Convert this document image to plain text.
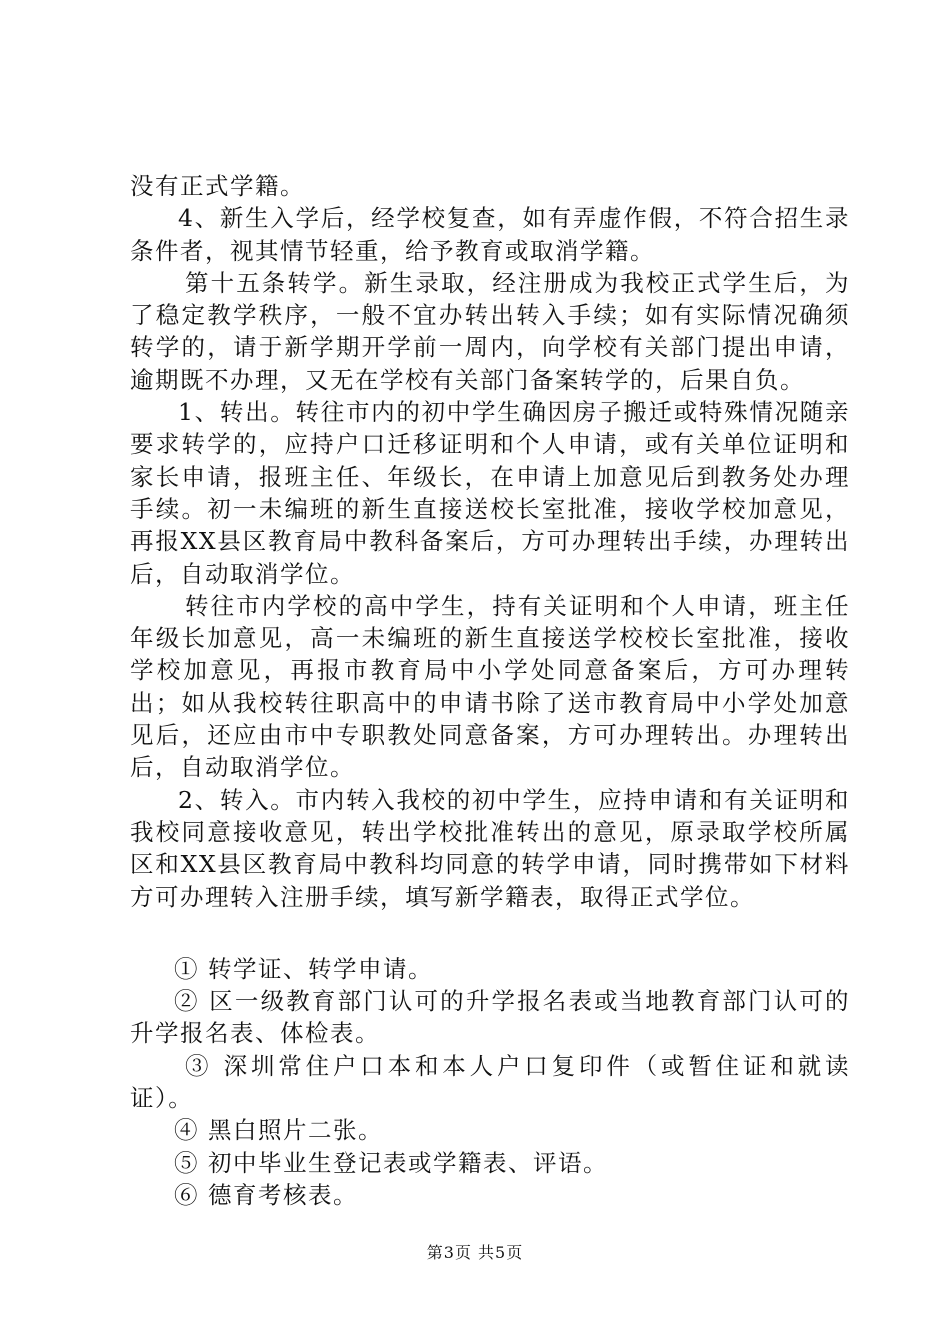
没有正式学籍。

4、新生入学后，经学校复查，如有弄虚作假，不符合招生录条件者，视其情节轻重，给予教育或取消学籍。

第十五条转学。新生录取，经注册成为我校正式学生后，为了稳定教学秩序，一般不宜办转出转入手续；如有实际情况确须转学的，请于新学期开学前一周内，向学校有关部门提出申请，逾期既不办理，又无在学校有关部门备案转学的，后果自负。

1、转出。转往市内的初中学生确因房子搬迁或特殊情况随亲要求转学的，应持户口迁移证明和个人申请，或有关单位证明和家长申请，报班主任、年级长，在申请上加意见后到教务处办理手续。初一未编班的新生直接送校长室批准，接收学校加意见，再报XX县区教育局中教科备案后，方可办理转出手续，办理转出后，自动取消学位。

转往市内学校的高中学生，持有关证明和个人申请，班主任年级长加意见，高一未编班的新生直接送学校校长室批准，接收学校加意见，再报市教育局中小学处同意备案后，方可办理转出；如从我校转往职高中的申请书除了送市教育局中小学处加意见后，还应由市中专职教处同意备案，方可办理转出。办理转出后，自动取消学位。

2、转入。市内转入我校的初中学生，应持申请和有关证明和我校同意接收意见，转出学校批准转出的意见，原录取学校所属区和XX县区教育局中教科均同意的转学申请，同时携带如下材料方可办理转入注册手续，填写新学籍表，取得正式学位。

① 转学证、转学申请。

② 区一级教育部门认可的升学报名表或当地教育部门认可的升学报名表、体检表。

③ 深圳常住户口本和本人户口复印件（或暂住证和就读证）。

④ 黑白照片二张。

⑤ 初中毕业生登记表或学籍表、评语。

⑥ 德育考核表。

第3页 共5页
